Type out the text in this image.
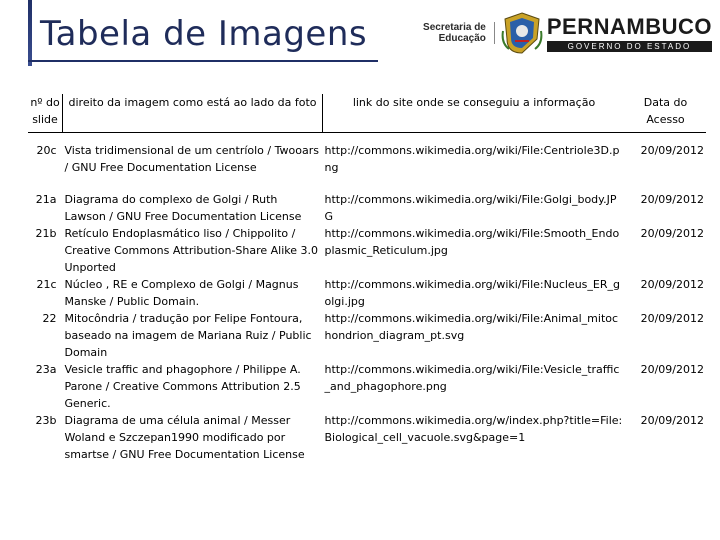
Tabela de Imagens	Secretaria de
Educação	PERNAMBUCO
GOVERNO DO ESTADO
nº do slide	direito da imagem como está ao lado da foto	link do site onde se conseguiu a informação	Data do Acesso
20c	Vista tridimensional de um centríolo / Twooars / GNU Free Documentation License	http://commons.wikimedia.org/wiki/File:Centriole3D.png	20/09/2012
21a	Diagrama do complexo de Golgi / Ruth Lawson / GNU Free Documentation License	http://commons.wikimedia.org/wiki/File:Golgi_body.JPG	20/09/2012
21b	Retículo Endoplasmático liso / Chippolito / Creative Commons Attribution-Share Alike 3.0 Unported	http://commons.wikimedia.org/wiki/File:Smooth_Endoplasmic_Reticulum.jpg	20/09/2012
21c	Núcleo , RE e Complexo de Golgi / Magnus Manske / Public Domain.	http://commons.wikimedia.org/wiki/File:Nucleus_ER_golgi.jpg	20/09/2012
22	Mitocôndria / tradução por Felipe Fontoura, baseado na imagem de Mariana Ruiz / Public Domain	http://commons.wikimedia.org/wiki/File:Animal_mitochondrion_diagram_pt.svg	20/09/2012
23a	Vesicle traffic and phagophore / Philippe A. Parone / Creative Commons Attribution 2.5 Generic.	http://commons.wikimedia.org/wiki/File:Vesicle_traffic_and_phagophore.png	20/09/2012
23b	Diagrama de uma célula animal / Messer Woland e Szczepan1990 modificado por smartse / GNU Free Documentation License	http://commons.wikimedia.org/w/index.php?title=File:Biological_cell_vacuole.svg&page=1	20/09/2012
